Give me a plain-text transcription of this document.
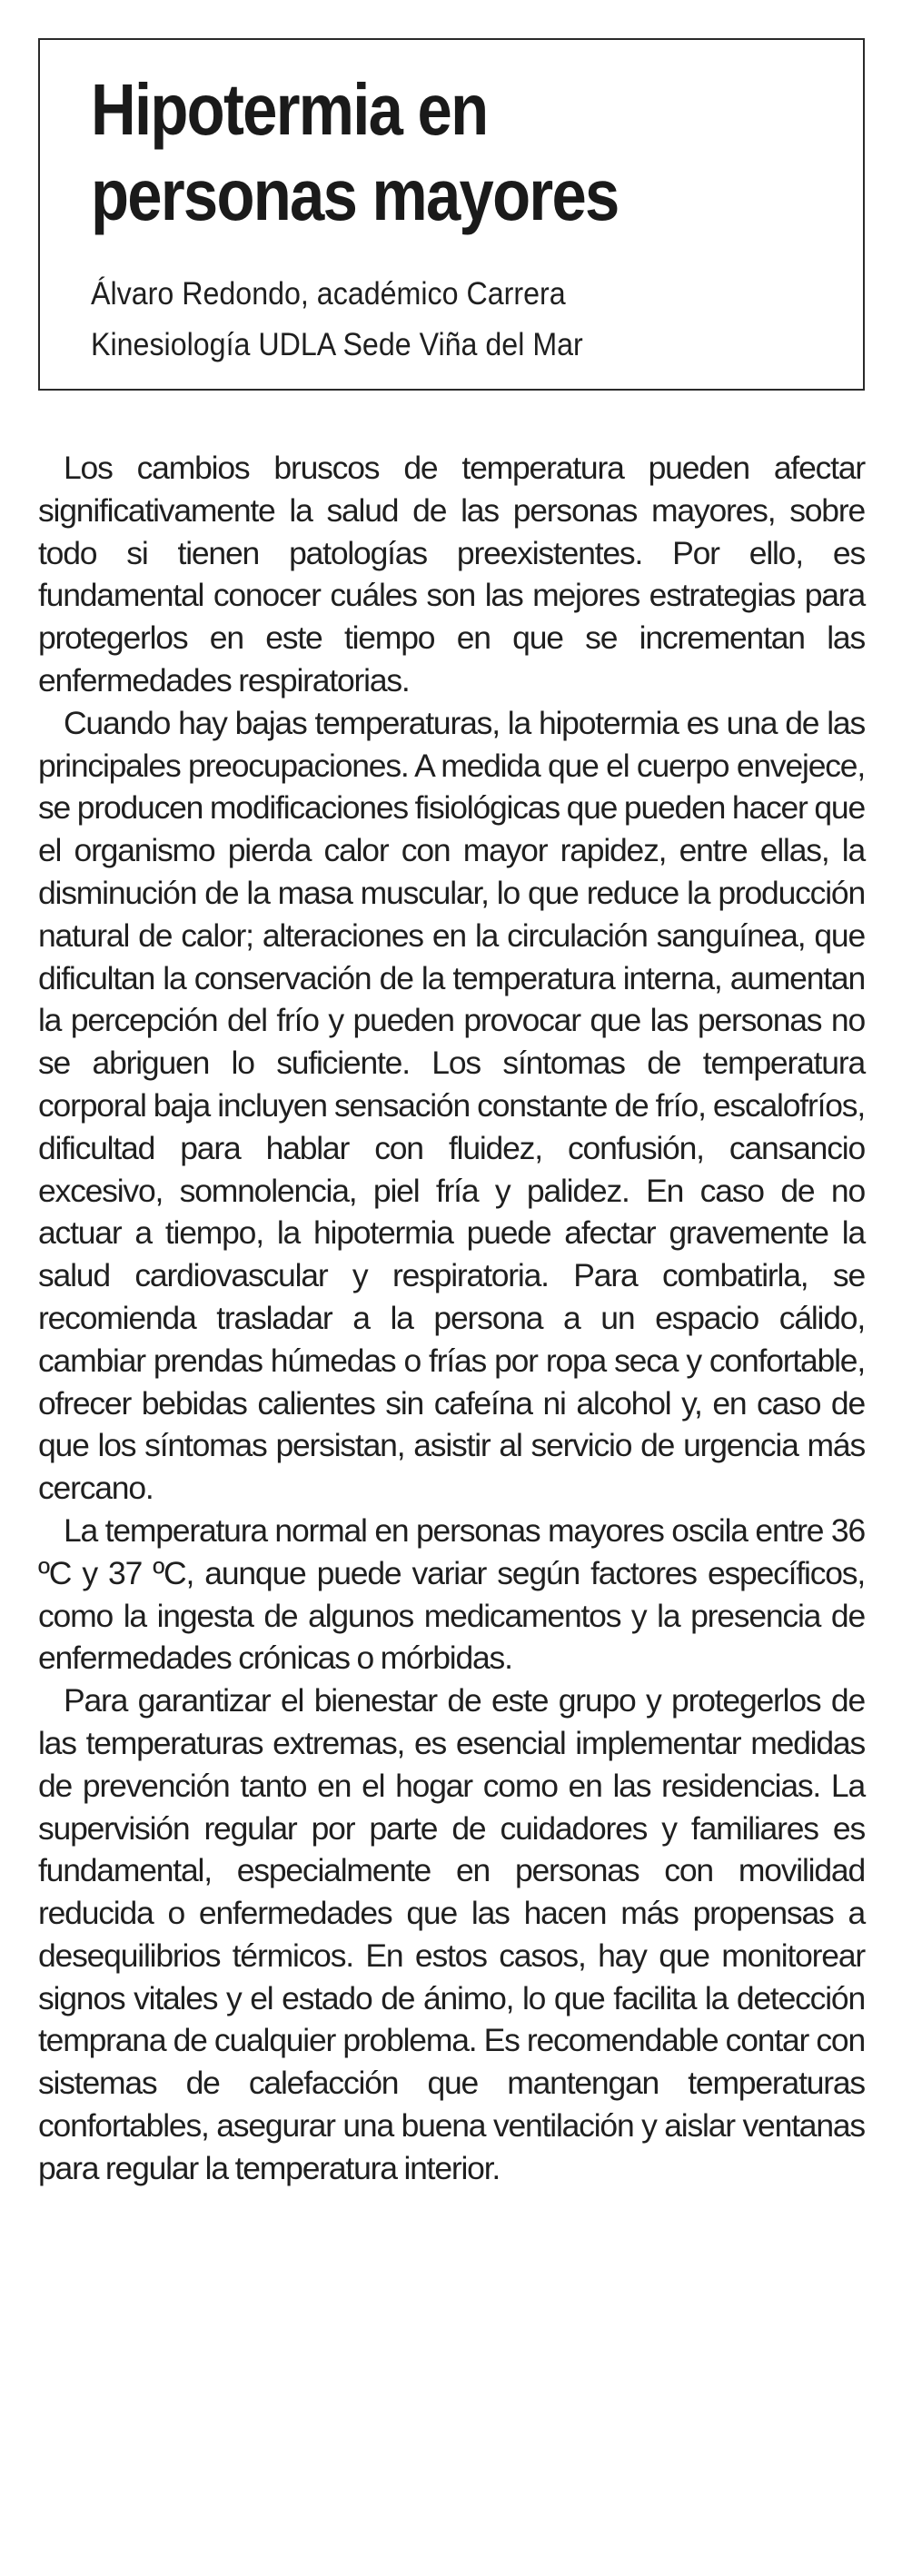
Hipotermia en
personas mayores
Álvaro Redondo, académico Carrera
Kinesiología UDLA Sede Viña del Mar

Los cambios bruscos de temperatura pueden afectar significativamente la salud de las personas mayores, sobre todo si tienen patologías preexistentes. Por ello, es fundamental conocer cuáles son las mejores estrategias para protegerlos en este tiempo en que se incrementan las enfermedades respiratorias.

Cuando hay bajas temperaturas, la hipotermia es una de las principales preocupaciones. A medida que el cuerpo envejece, se producen modificaciones fisiológicas que pueden hacer que el organismo pierda calor con mayor rapidez, entre ellas, la disminución de la masa muscular, lo que reduce la producción natural de calor; alteraciones en la circulación sanguínea, que dificultan la conservación de la temperatura interna, aumentan la percepción del frío y pueden provocar que las personas no se abriguen lo suficiente. Los síntomas de temperatura corporal baja incluyen sensación constante de frío, escalofríos, dificultad para hablar con fluidez, confusión, cansancio excesivo, somnolencia, piel fría y palidez. En caso de no actuar a tiempo, la hipotermia puede afectar gravemente la salud cardiovascular y respiratoria. Para combatirla, se recomienda trasladar a la persona a un espacio cálido, cambiar prendas húmedas o frías por ropa seca y confortable, ofrecer bebidas calientes sin cafeína ni alcohol y, en caso de que los síntomas persistan, asistir al servicio de urgencia más cercano.

La temperatura normal en personas mayores oscila entre 36 ºC y 37 ºC, aunque puede variar según factores específicos, como la ingesta de algunos medicamentos y la presencia de enfermedades crónicas o mórbidas.

Para garantizar el bienestar de este grupo y protegerlos de las temperaturas extremas, es esencial implementar medidas de prevención tanto en el hogar como en las residencias. La supervisión regular por parte de cuidadores y familiares es fundamental, especialmente en personas con movilidad reducida o enfermedades que las hacen más propensas a desequilibrios térmicos. En estos casos, hay que monitorear signos vitales y el estado de ánimo, lo que facilita la detección temprana de cualquier problema. Es recomendable contar con sistemas de calefacción que mantengan temperaturas confortables, asegurar una buena ventilación y aislar ventanas para regular la temperatura interior.
